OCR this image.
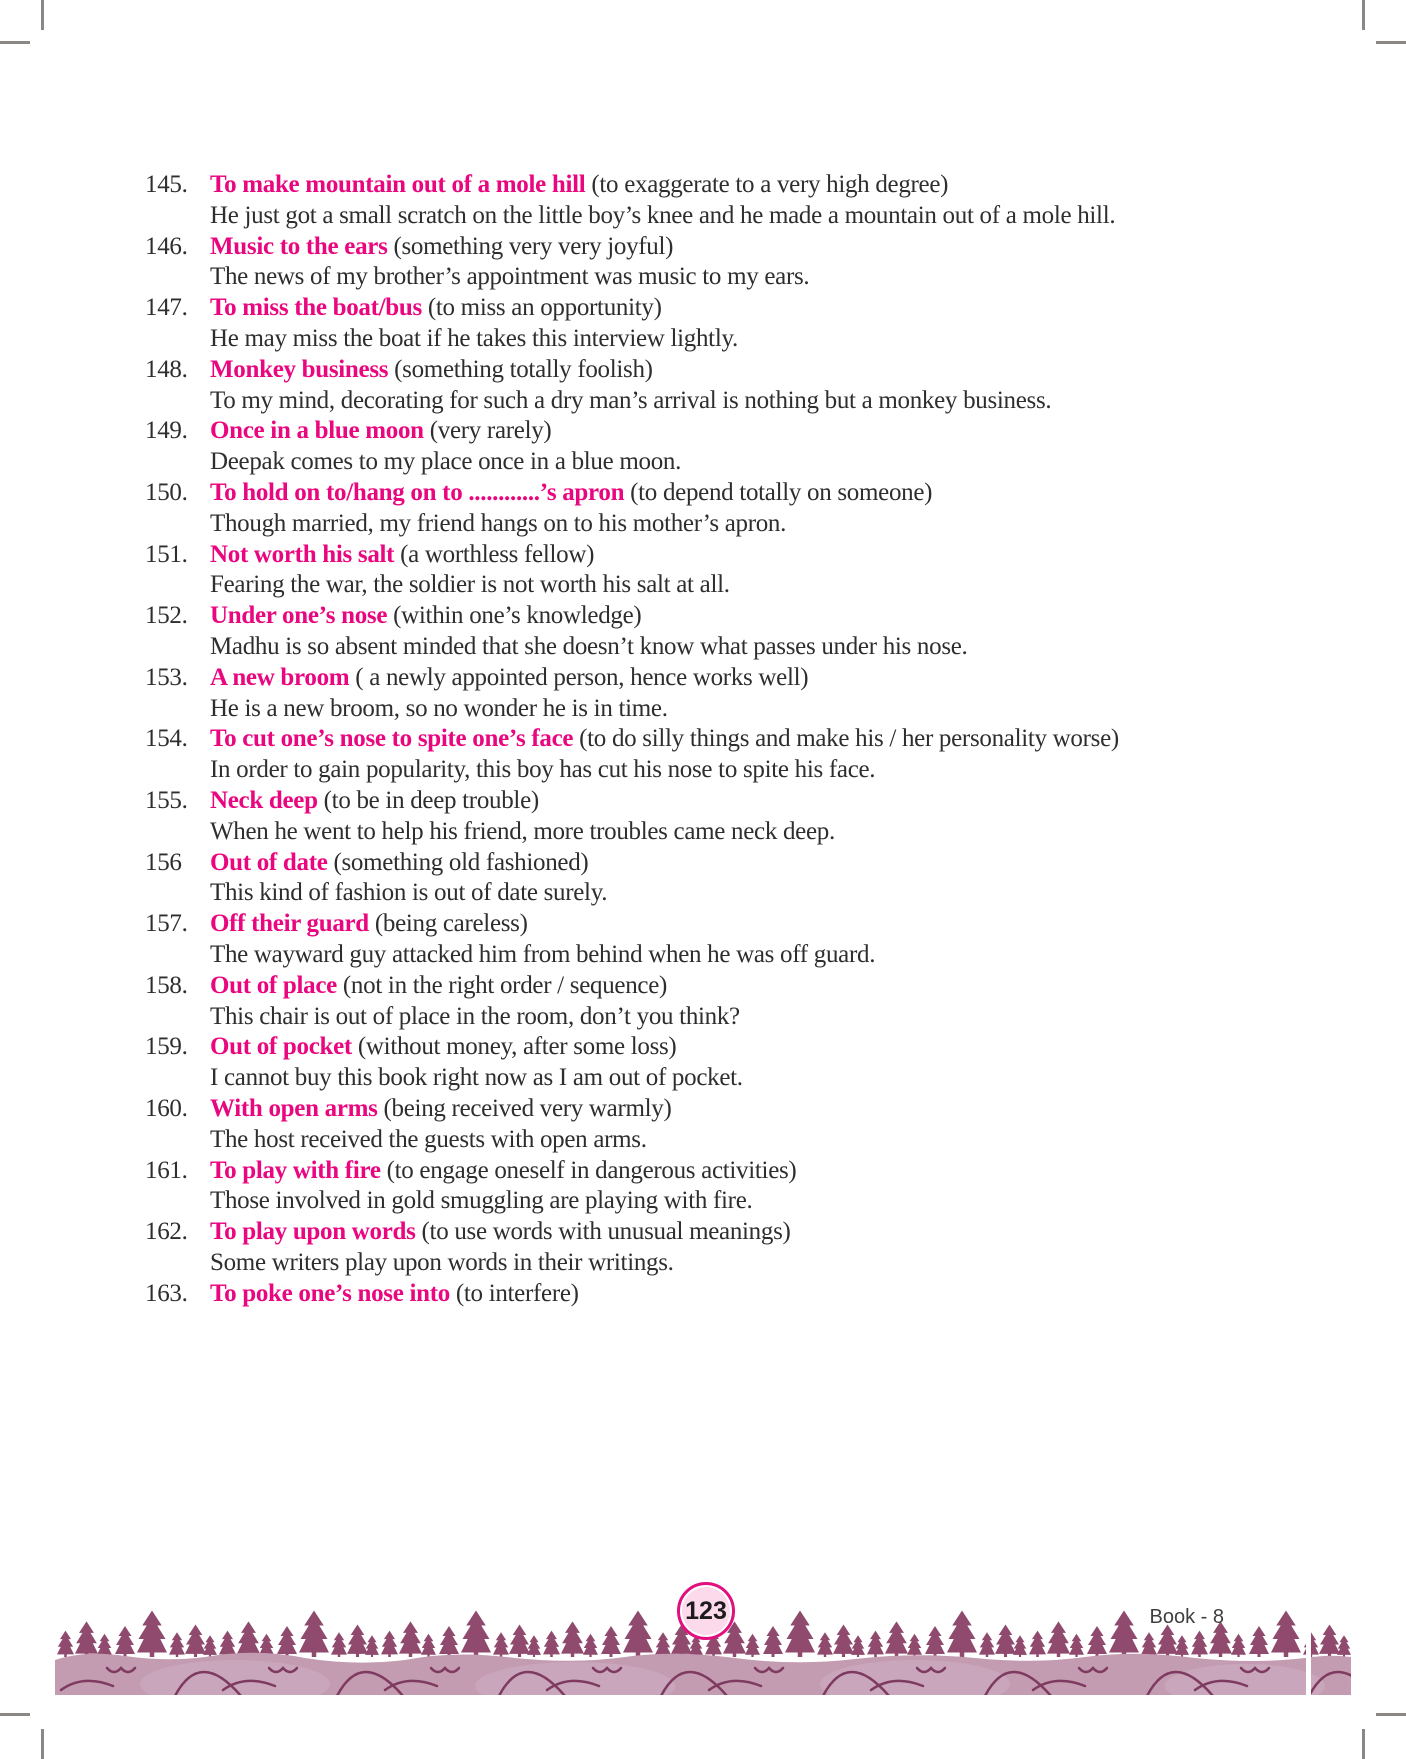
145. To make mountain out of a mole hill (to exaggerate to a very high degree)

He just got a small scratch on the little boy’s knee and he made a mountain out of a mole hill.

146. Music to the ears (something very very joyful)

The news of my brother’s appointment was music to my ears.

147. To miss the boat/bus (to miss an opportunity)

He may miss the boat if he takes this interview lightly.

148. Monkey business (something totally foolish)

To my mind, decorating for such a dry man’s arrival is nothing but a monkey business.

149. Once in a blue moon (very rarely)

Deepak comes to my place once in a blue moon.

150. To hold on to/hang on to ............’s apron (to depend totally on someone)

Though married, my friend hangs on to his mother’s apron.

151. Not worth his salt (a worthless fellow)

Fearing the war, the soldier is not worth his salt at all.

152. Under one’s nose (within one’s knowledge)

Madhu is so absent minded that she doesn’t know what passes under his nose.

153. A new broom ( a newly appointed person, hence works well)

He is a new broom, so no wonder he is in time.

154. To cut one’s nose to spite one’s face (to do silly things and make his / her personality worse)

In order to gain popularity, this boy has cut his nose to spite his face.

155. Neck deep (to be in deep trouble)

When he went to help his friend, more troubles came neck deep.

156 Out of date (something old fashioned)

This kind of fashion is out of date surely.

157. Off their guard (being careless)

The wayward guy attacked him from behind when he was off guard.

158. Out of place (not in the right order / sequence)

This chair is out of place in the room, don’t you think?

159. Out of pocket (without money, after some loss)

I cannot buy this book right now as I am out of pocket.

160. With open arms (being received very warmly)

The host received the guests with open arms.

161. To play with fire (to engage oneself in dangerous activities)

Those involved in gold smuggling are playing with fire.

162. To play upon words (to use words with unusual meanings)

Some writers play upon words in their writings.

163. To poke one’s nose into (to interfere)

123	Book - 8
